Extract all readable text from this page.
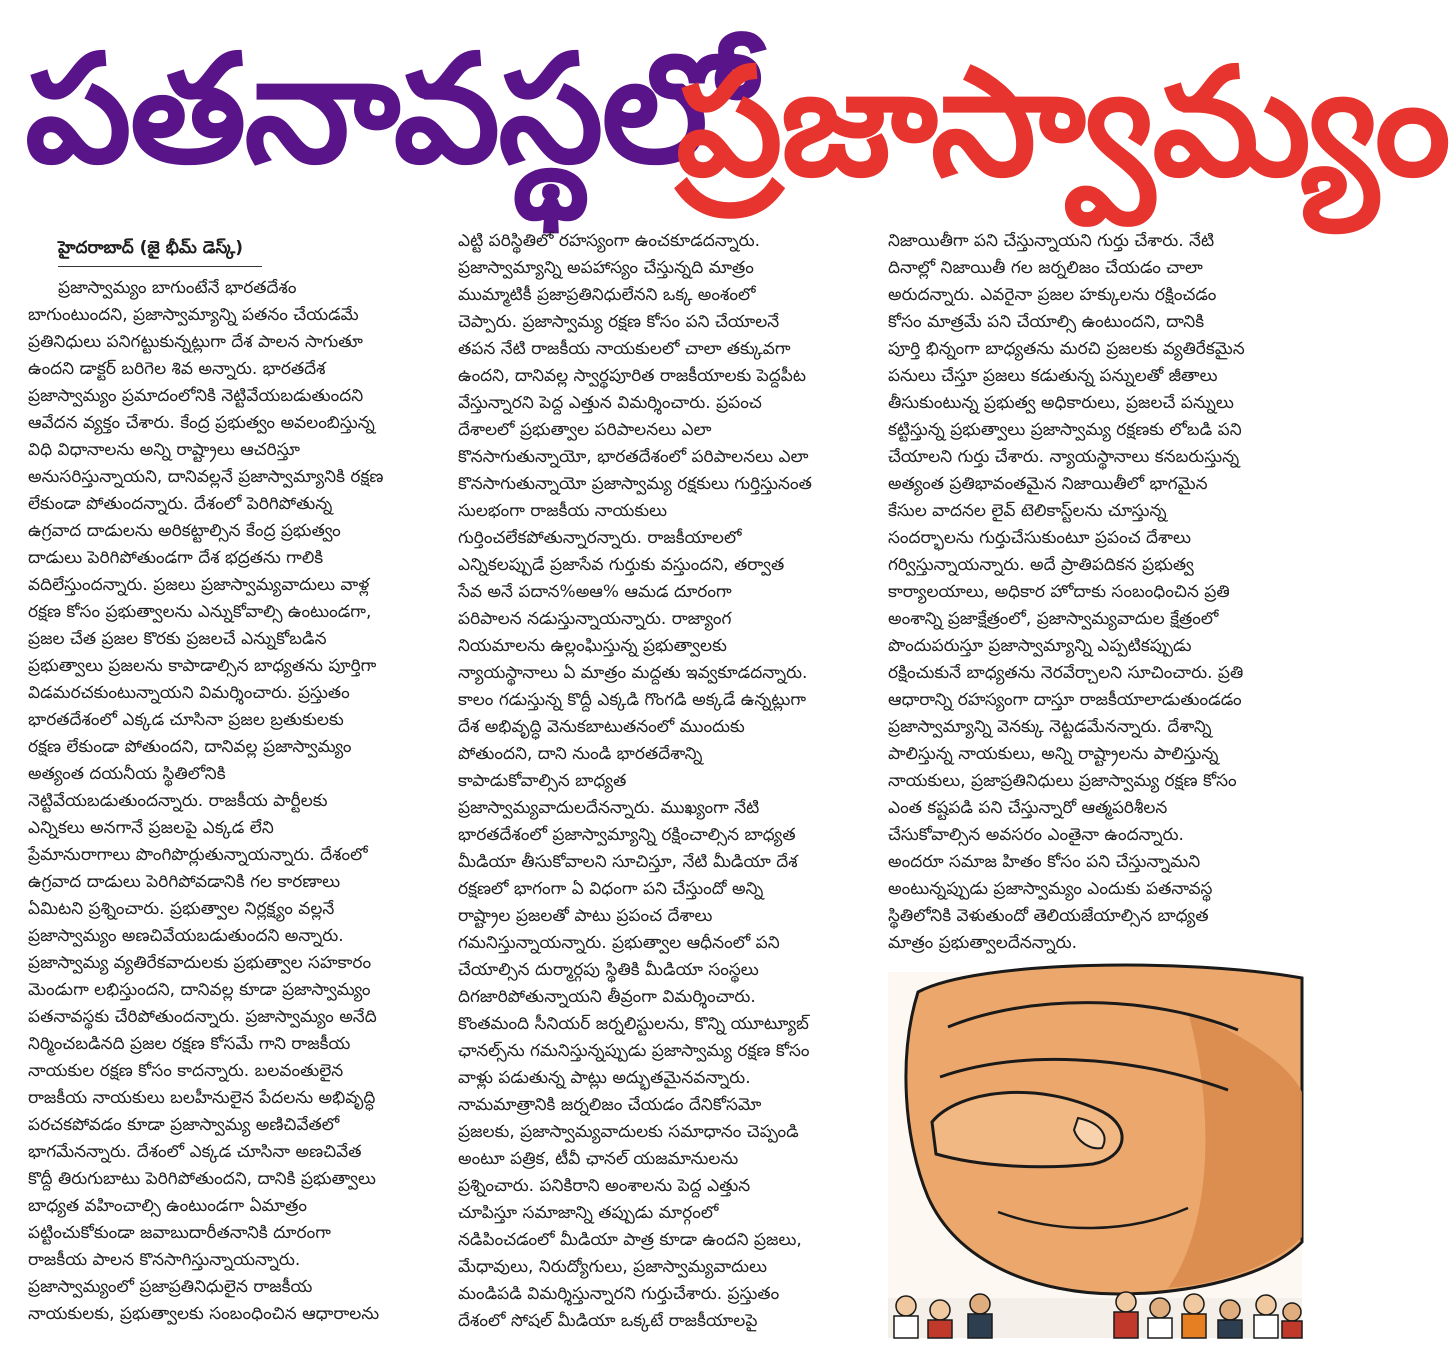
పతనావస్థలో
ప్రజాస్వామ్యం
హైదరాబాద్ (జై భీమ్ డెస్క్)
ప్రజాస్వామ్యం బాగుంటేనే భారతదేశం
బాగుంటుందని, ప్రజాస్వామ్యాన్ని పతనం చేయడమే
ప్రతినిధులు పనిగట్టుకున్నట్లుగా దేశ పాలన సాగుతూ
ఉందని డాక్టర్ బరిగెల శివ అన్నారు. భారతదేశ
ప్రజాస్వామ్యం ప్రమాదంలోనికి నెట్టివేయబడుతుందని
ఆవేదన వ్యక్తం చేశారు. కేంద్ర ప్రభుత్వం అవలంబిస్తున్న
విధి విధానాలను అన్ని రాష్ట్రాలు ఆచరిస్తూ
అనుసరిస్తున్నాయని, దానివల్లనే ప్రజాస్వామ్యానికి రక్షణ
లేకుండా పోతుందన్నారు. దేశంలో పెరిగిపోతున్న
ఉగ్రవాద దాడులను అరికట్టాల్సిన కేంద్ర ప్రభుత్వం
దాడులు పెరిగిపోతుండగా దేశ భద్రతను గాలికి
వదిలేస్తుందన్నారు. ప్రజలు ప్రజాస్వామ్యవాదులు వాళ్ల
రక్షణ కోసం ప్రభుత్వాలను ఎన్నుకోవాల్సి ఉంటుండగా,
ప్రజల చేత ప్రజల కొరకు ప్రజలచే ఎన్నుకోబడిన
ప్రభుత్వాలు ప్రజలను కాపాడాల్సిన బాధ్యతను పూర్తిగా
విడమరచకుంటున్నాయని విమర్శించారు. ప్రస్తుతం
భారతదేశంలో ఎక్కడ చూసినా ప్రజల బ్రతుకులకు
రక్షణ లేకుండా పోతుందని, దానివల్ల ప్రజాస్వామ్యం
అత్యంత దయనీయ స్థితిలోనికి
నెట్టివేయబడుతుందన్నారు. రాజకీయ పార్టీలకు
ఎన్నికలు అనగానే ప్రజలపై ఎక్కడ లేని
ప్రేమానురాగాలు పొంగిపొర్లుతున్నాయన్నారు. దేశంలో
ఉగ్రవాద దాడులు పెరిగిపోవడానికి గల కారణాలు
ఏమిటని ప్రశ్నించారు. ప్రభుత్వాల నిర్లక్ష్యం వల్లనే
ప్రజాస్వామ్యం అణచివేయబడుతుందని అన్నారు.
ప్రజాస్వామ్య వ్యతిరేకవాదులకు ప్రభుత్వాల సహకారం
మెండుగా లభిస్తుందని, దానివల్ల కూడా ప్రజాస్వామ్యం
పతనావస్థకు చేరిపోతుందన్నారు. ప్రజాస్వామ్యం అనేది
నిర్మించబడినది ప్రజల రక్షణ కోసమే గాని రాజకీయ
నాయకుల రక్షణ కోసం కాదన్నారు. బలవంతులైన
రాజకీయ నాయకులు బలహీనులైన పేదలను అభివృద్ధి
పరచకపోవడం కూడా ప్రజాస్వామ్య అణిచివేతలో
భాగమేనన్నారు. దేశంలో ఎక్కడ చూసినా అణచివేత
కొద్దీ తిరుగుబాటు పెరిగిపోతుందని, దానికి ప్రభుత్వాలు
బాధ్యత వహించాల్సి ఉంటుండగా ఏమాత్రం
పట్టించుకోకుండా జవాబుదారీతనానికి దూరంగా
రాజకీయ పాలన కొనసాగిస్తున్నాయన్నారు.
ప్రజాస్వామ్యంలో ప్రజాప్రతినిధులైన రాజకీయ
నాయకులకు, ప్రభుత్వాలకు సంబంధించిన ఆధారాలను
ఎట్టి పరిస్థితిలో రహస్యంగా ఉంచకూడదన్నారు.
ప్రజాస్వామ్యాన్ని అపహాస్యం చేస్తున్నది మాత్రం
ముమ్మాటికీ ప్రజాప్రతినిధులేనని ఒక్క అంశంలో
చెప్పారు. ప్రజాస్వామ్య రక్షణ కోసం పని చేయాలనే
తపన నేటి రాజకీయ నాయకులలో చాలా తక్కువగా
ఉందని, దానివల్ల స్వార్థపూరిత రాజకీయాలకు పెద్దపీట
వేస్తున్నారని పెద్ద ఎత్తున విమర్శించారు. ప్రపంచ
దేశాలలో ప్రభుత్వాల పరిపాలనలు ఎలా
కొనసాగుతున్నాయో, భారతదేశంలో పరిపాలనలు ఎలా
కొనసాగుతున్నాయో ప్రజాస్వామ్య రక్షకులు గుర్తిస్తునంత
సులభంగా రాజకీయ నాయకులు
గుర్తించలేకపోతున్నారన్నారు. రాజకీయాలలో
ఎన్నికలప్పుడే ప్రజాసేవ గుర్తుకు వస్తుందని, తర్వాత
సేవ అనే పదాన%అఆ% ఆమడ దూరంగా
పరిపాలన నడుస్తున్నాయన్నారు. రాజ్యాంగ
నియమాలను ఉల్లంఘిస్తున్న ప్రభుత్వాలకు
న్యాయస్థానాలు ఏ మాత్రం మద్దతు ఇవ్వకూడదన్నారు.
కాలం గడుస్తున్న కొద్దీ ఎక్కడి గొంగడి అక్కడే ఉన్నట్లుగా
దేశ అభివృద్ధి వెనుకబాటుతనంలో ముందుకు
పోతుందని, దాని నుండి భారతదేశాన్ని
కాపాడుకోవాల్సిన బాధ్యత
ప్రజాస్వామ్యవాదులదేనన్నారు. ముఖ్యంగా నేటి
భారతదేశంలో ప్రజాస్వామ్యాన్ని రక్షించాల్సిన బాధ్యత
మీడియా తీసుకోవాలని సూచిస్తూ, నేటి మీడియా దేశ
రక్షణలో భాగంగా ఏ విధంగా పని చేస్తుందో అన్ని
రాష్ట్రాల ప్రజలతో పాటు ప్రపంచ దేశాలు
గమనిస్తున్నాయన్నారు. ప్రభుత్వాల ఆధీనంలో పని
చేయాల్సిన దుర్మార్గపు స్థితికి మీడియా సంస్థలు
దిగజారిపోతున్నాయని తీవ్రంగా విమర్శించారు.
కొంతమంది సీనియర్ జర్నలిస్టులను, కొన్ని యూట్యూబ్
ఛానల్స్‌ను గమనిస్తున్నప్పుడు ప్రజాస్వామ్య రక్షణ కోసం
వాళ్లు పడుతున్న పాట్లు అద్భుతమైనవన్నారు.
నామమాత్రానికి జర్నలిజం చేయడం దేనికోసమో
ప్రజలకు, ప్రజాస్వామ్యవాదులకు సమాధానం చెప్పండి
అంటూ పత్రిక, టీవీ ఛానల్ యజమానులను
ప్రశ్నించారు. పనికిరాని అంశాలను పెద్ద ఎత్తున
చూపిస్తూ సమాజాన్ని తప్పుడు మార్గంలో
నడిపించడంలో మీడియా పాత్ర కూడా ఉందని ప్రజలు,
మేధావులు, నిరుద్యోగులు, ప్రజాస్వామ్యవాదులు
మండిపడి విమర్శిస్తున్నారని గుర్తుచేశారు. ప్రస్తుతం
దేశంలో సోషల్ మీడియా ఒక్కటే రాజకీయాలపై
నిజాయితీగా పని చేస్తున్నాయని గుర్తు చేశారు. నేటి
దినాల్లో నిజాయితీ గల జర్నలిజం చేయడం చాలా
అరుదన్నారు. ఎవరైనా ప్రజల హక్కులను రక్షించడం
కోసం మాత్రమే పని చేయాల్సి ఉంటుందని, దానికి
పూర్తి భిన్నంగా బాధ్యతను మరచి ప్రజలకు వ్యతిరేకమైన
పనులు చేస్తూ ప్రజలు కడుతున్న పన్నులతో జీతాలు
తీసుకుంటున్న ప్రభుత్వ అధికారులు, ప్రజలచే పన్నులు
కట్టిస్తున్న ప్రభుత్వాలు ప్రజాస్వామ్య రక్షణకు లోబడి పని
చేయాలని గుర్తు చేశారు. న్యాయస్థానాలు కనబరుస్తున్న
అత్యంత ప్రతిభావంతమైన నిజాయితీలో భాగమైన
కేసుల వాదనల లైవ్ టెలికాస్ట్‌లను చూస్తున్న
సందర్భాలను గుర్తుచేసుకుంటూ ప్రపంచ దేశాలు
గర్విస్తున్నాయన్నారు. అదే ప్రాతిపదికన ప్రభుత్వ
కార్యాలయాలు, అధికార హోదాకు సంబంధించిన ప్రతి
అంశాన్ని ప్రజాక్షేత్రంలో, ప్రజాస్వామ్యవాదుల క్షేత్రంలో
పొందుపరుస్తూ ప్రజాస్వామ్యాన్ని ఎప్పటికప్పుడు
రక్షించుకునే బాధ్యతను నెరవేర్చాలని సూచించారు. ప్రతి
ఆధారాన్ని రహస్యంగా దాస్తూ రాజకీయాలాడుతుండడం
ప్రజాస్వామ్యాన్ని వెనక్కు నెట్టడమేనన్నారు. దేశాన్ని
పాలిస్తున్న నాయకులు, అన్ని రాష్ట్రాలను పాలిస్తున్న
నాయకులు, ప్రజాప్రతినిధులు ప్రజాస్వామ్య రక్షణ కోసం
ఎంత కష్టపడి పని చేస్తున్నారో ఆత్మపరిశీలన
చేసుకోవాల్సిన అవసరం ఎంతైనా ఉందన్నారు.
అందరూ సమాజ హితం కోసం పని చేస్తున్నామని
అంటున్నప్పుడు ప్రజాస్వామ్యం ఎందుకు పతనావస్థ
స్థితిలోనికి వెళుతుందో తెలియజేయాల్సిన బాధ్యత
మాత్రం ప్రభుత్వాలదేనన్నారు.
